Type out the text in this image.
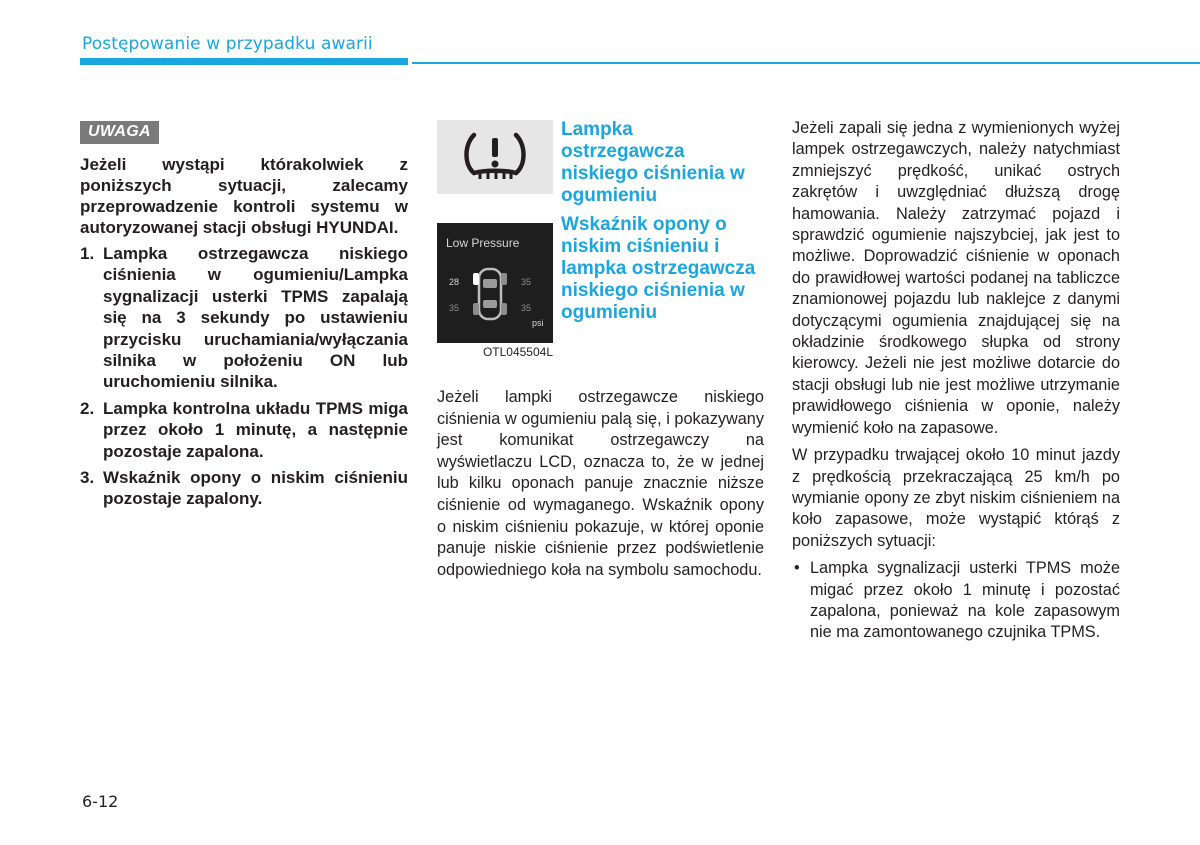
Postępowanie w przypadku awarii
UWAGA

Jeżeli wystąpi którakolwiek z poniższych sytuacji, zalecamy przeprowadzenie kontroli systemu w autoryzowanej stacji obsługi HYUNDAI.

1. Lampka ostrzegawcza niskiego ciśnienia w ogumieniu/Lampka sygnalizacji usterki TPMS zapalają się na 3 sekundy po ustawieniu przycisku uruchamiania/wyłączania silnika w położeniu ON lub uruchomieniu silnika.
2. Lampka kontrolna układu TPMS miga przez około 1 minutę, a następnie pozostaje zapalona.
3. Wskaźnik opony o niskim ciśnieniu pozostaje zapalony.
Low Pressure
28	35
35	35
psi
OTL045504L
Lampka ostrzegawcza niskiego ciśnienia w ogumieniu
Wskaźnik opony o niskim ciśnieniu i lampka ostrzegawcza niskiego ciśnienia w ogumieniu

Jeżeli lampki ostrzegawcze niskiego ciśnienia w ogumieniu palą się, i pokazywany jest komunikat ostrzegawczy na wyświetlaczu LCD, oznacza to, że w jednej lub kilku oponach panuje znacznie niższe ciśnienie od wymaganego. Wskaźnik opony o niskim ciśnieniu pokazuje, w której oponie panuje niskie ciśnienie przez podświetlenie odpowiedniego koła na symbolu samochodu.

Jeżeli zapali się jedna z wymienionych wyżej lampek ostrzegawczych, należy natychmiast zmniejszyć prędkość, unikać ostrych zakrętów i uwzględniać dłuższą drogę hamowania. Należy zatrzymać pojazd i sprawdzić ogumienie najszybciej, jak jest to możliwe. Doprowadzić ciśnienie w oponach do prawidłowej wartości podanej na tabliczce znamionowej pojazdu lub naklejce z danymi dotyczącymi ogumienia znajdującej się na okładzinie środkowego słupka od strony kierowcy. Jeżeli nie jest możliwe dotarcie do stacji obsługi lub nie jest możliwe utrzymanie prawidłowego ciśnienia w oponie, należy wymienić koło na zapasowe.

W przypadku trwającej około 10 minut jazdy z prędkością przekraczającą 25 km/h po wymianie opony ze zbyt niskim ciśnieniem na koło zapasowe, może wystąpić którąś z poniższych sytuacji:

• Lampka sygnalizacji usterki TPMS może migać przez około 1 minutę i pozostać zapalona, ponieważ na kole zapasowym nie ma zamontowanego czujnika TPMS.
6-12
